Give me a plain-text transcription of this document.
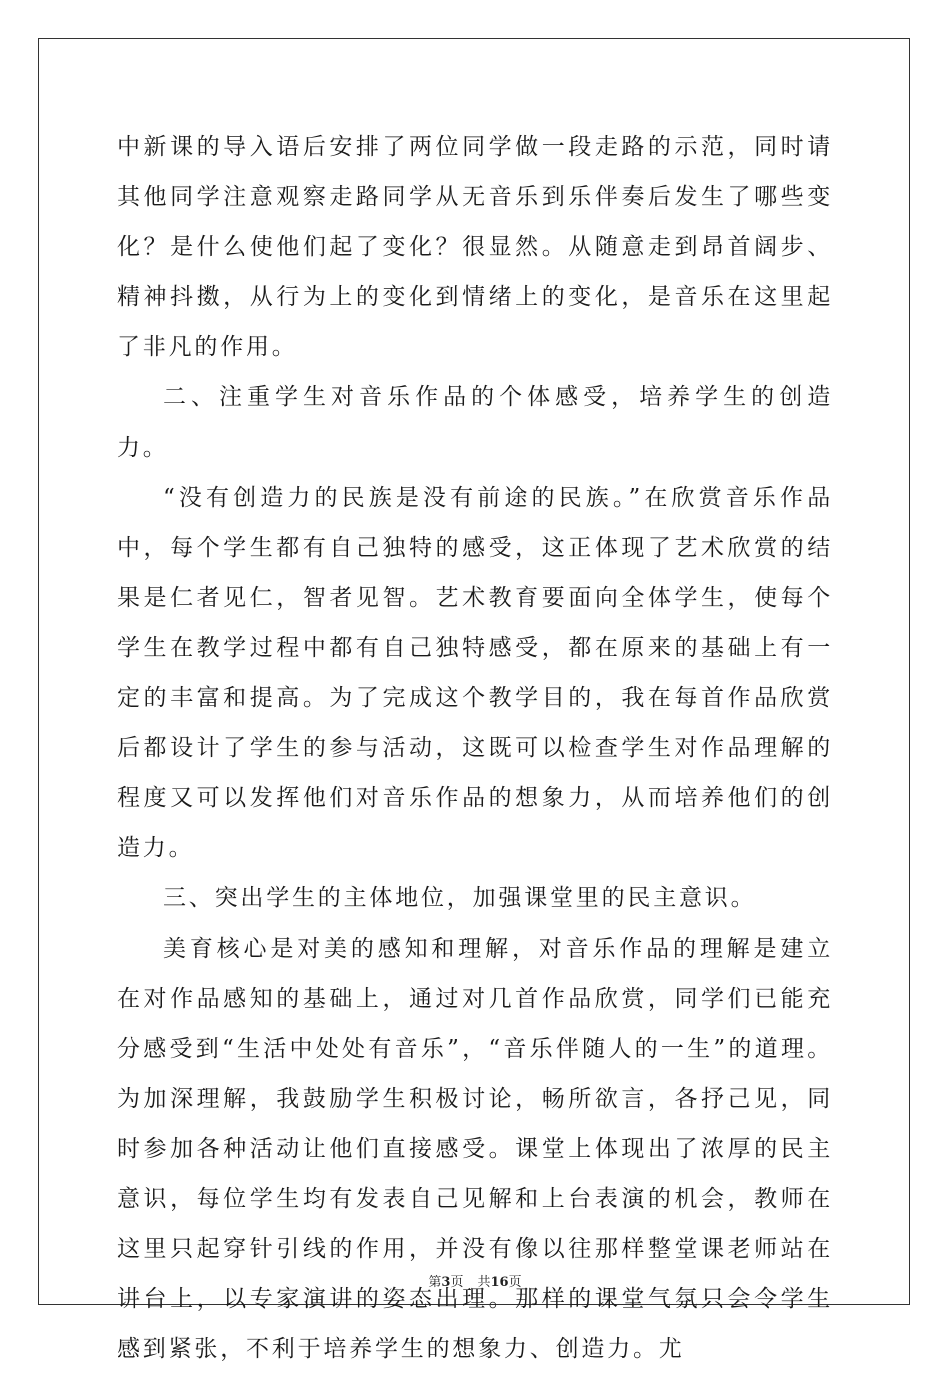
中新课的导入语后安排了两位同学做一段走路的示范，同时请其他同学注意观察走路同学从无音乐到乐伴奏后发生了哪些变化？是什么使他们起了变化？很显然。从随意走到昂首阔步、精神抖擞，从行为上的变化到情绪上的变化，是音乐在这里起了非凡的作用。

二、注重学生对音乐作品的个体感受，培养学生的创造力。

“没有创造力的民族是没有前途的民族。”在欣赏音乐作品中，每个学生都有自己独特的感受，这正体现了艺术欣赏的结果是仁者见仁，智者见智。艺术教育要面向全体学生，使每个学生在教学过程中都有自己独特感受，都在原来的基础上有一定的丰富和提高。为了完成这个教学目的，我在每首作品欣赏后都设计了学生的参与活动，这既可以检查学生对作品理解的程度又可以发挥他们对音乐作品的想象力，从而培养他们的创造力。

三、突出学生的主体地位，加强课堂里的民主意识。

美育核心是对美的感知和理解，对音乐作品的理解是建立在对作品感知的基础上，通过对几首作品欣赏，同学们已能充分感受到“生活中处处有音乐”，“音乐伴随人的一生”的道理。为加深理解，我鼓励学生积极讨论，畅所欲言，各抒己见，同时参加各种活动让他们直接感受。课堂上体现出了浓厚的民主意识，每位学生均有发表自己见解和上台表演的机会，教师在这里只起穿针引线的作用，并没有像以往那样整堂课老师站在讲台上，以专家演讲的姿态出理。那样的课堂气氛只会令学生感到紧张，不利于培养学生的想象力、创造力。尤

第3页 共16页
